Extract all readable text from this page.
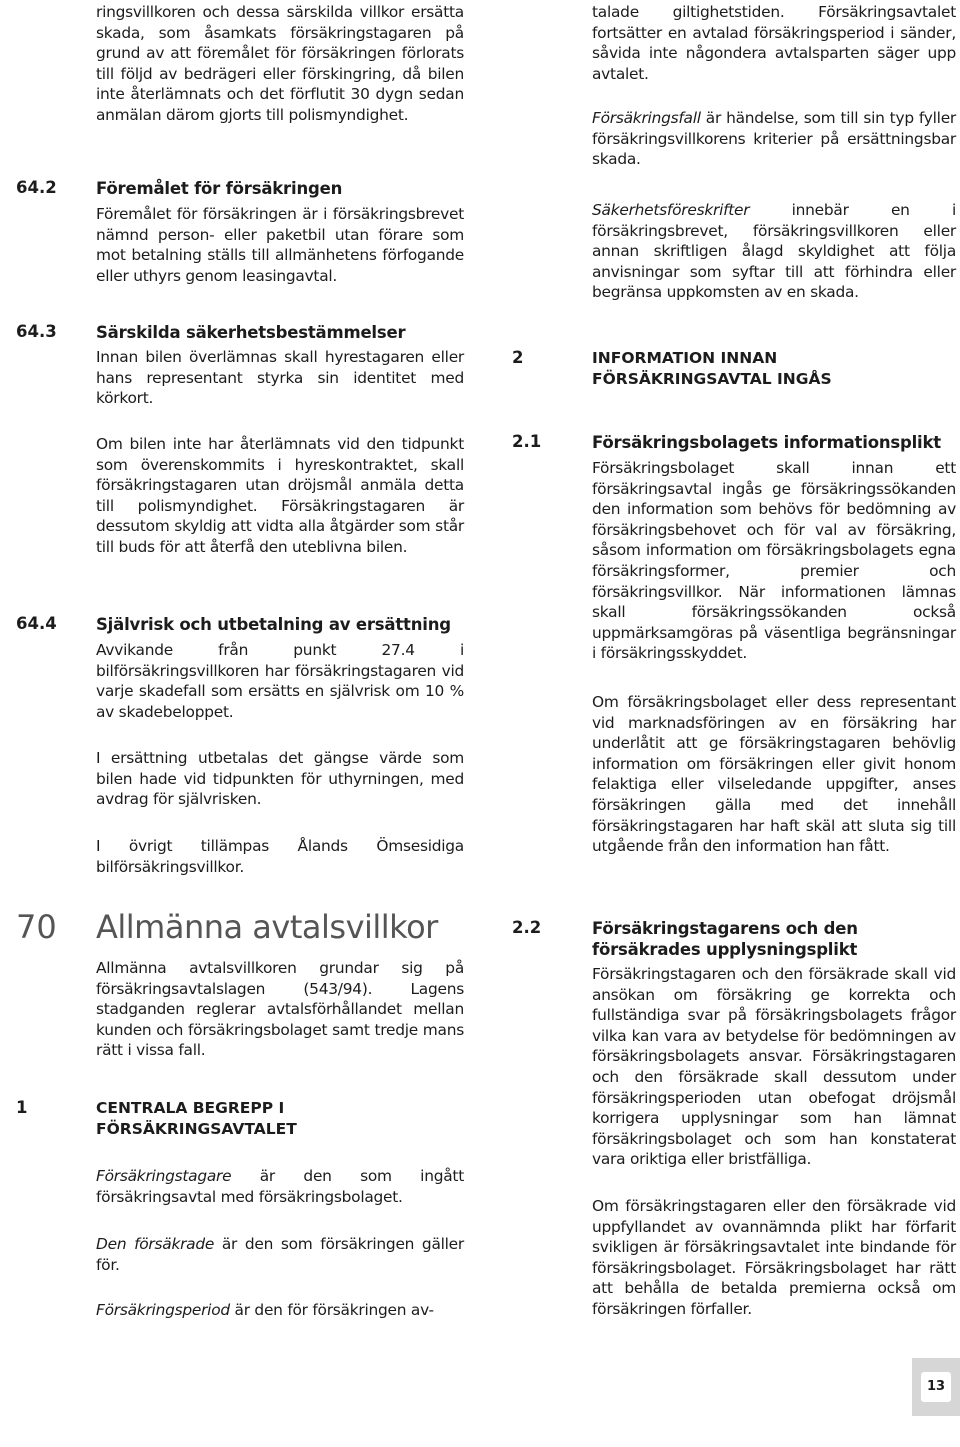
ringsvillkoren och dessa särskilda villkor ersätta skada, som åsamkats försäkringstagaren på grund av att föremålet för försäkringen förlorats till följd av bedrägeri eller förskingring, då bilen inte återlämnats och det förflutit 30 dygn sedan anmälan därom gjorts till polismyndighet.

64.2 Föremålet för försäkringen

Föremålet för försäkringen är i försäkringsbrevet nämnd person- eller paketbil utan förare som mot betalning ställs till allmänhetens förfogande eller uthyrs genom leasingavtal.

64.3 Särskilda säkerhetsbestämmelser

Innan bilen överlämnas skall hyrestagaren eller hans representant styrka sin identitet med körkort.

Om bilen inte har återlämnats vid den tidpunkt som överenskommits i hyreskontraktet, skall försäkringstagaren utan dröjsmål anmäla detta till polismyndighet. Försäkringstagaren är dessutom skyldig att vidta alla åtgärder som står till buds för att återfå den uteblivna bilen.

64.4 Självrisk och utbetalning av ersättning

Avvikande från punkt 27.4 i bilförsäkringsvillkoren har försäkringstagaren vid varje skadefall som ersätts en självrisk om 10 % av skadebeloppet.

I ersättning utbetalas det gängse värde som bilen hade vid tidpunkten för uthyrningen, med avdrag för självrisken.

I övrigt tillämpas Ålands Ömsesidiga bilförsäkringsvillkor.

70 Allmänna avtalsvillkor

Allmänna avtalsvillkoren grundar sig på försäkringsavtalslagen (543/94). Lagens stadganden reglerar avtalsförhållandet mellan kunden och försäkringsbolaget samt tredje mans rätt i vissa fall.

1	CENTRALA BEGREPP I
FÖRSÄKRINGSAVTALET

Försäkringstagare är den som ingått försäkringsavtal med försäkringsbolaget.

Den försäkrade är den som försäkringen gäller för.

Försäkringsperiod är den för försäkringen av-

talade giltighetstiden. Försäkringsavtalet fortsätter en avtalad försäkringsperiod i sänder, såvida inte någondera avtalsparten säger upp avtalet.

Försäkringsfall är händelse, som till sin typ fyller försäkringsvillkorens kriterier på ersättningsbar skada.

Säkerhetsföreskrifter innebär en i försäkringsbrevet, försäkringsvillkoren eller annan skriftligen ålagd skyldighet att följa anvisningar som syftar till att förhindra eller begränsa uppkomsten av en skada.

2	INFORMATION INNAN
FÖRSÄKRINGSAVTAL INGÅS
2.1	Försäkringsbolagets informationsplikt

Försäkringsbolaget skall innan ett försäkringsavtal ingås ge försäkringssökanden den information som behövs för bedömning av försäkringsbehovet och för val av försäkring, såsom information om försäkringsbolagets egna försäkringsformer, premier och försäkringsvillkor. När informationen lämnas skall försäkringssökanden också uppmärksamgöras på väsentliga begränsningar i försäkringsskyddet.

Om försäkringsbolaget eller dess representant vid marknadsföringen av en försäkring har underlåtit att ge försäkringstagaren behövlig information om försäkringen eller givit honom felaktiga eller vilseledande uppgifter, anses försäkringen gälla med det innehåll försäkringstagaren har haft skäl att sluta sig till utgående från den information han fått.

2.2	Försäkringstagarens och den försäkrades upplysningsplikt

Försäkringstagaren och den försäkrade skall vid ansökan om försäkring ge korrekta och fullständiga svar på försäkringsbolagets frågor vilka kan vara av betydelse för bedömningen av försäkringsbolagets ansvar. Försäkringstagaren och den försäkrade skall dessutom under försäkringsperioden utan obefogat dröjsmål korrigera upplysningar som han lämnat försäkringsbolaget och som han konstaterat vara oriktiga eller bristfälliga.

Om försäkringstagaren eller den försäkrade vid uppfyllandet av ovannämnda plikt har förfarit svikligen är försäkringsavtalet inte bindande för försäkringsbolaget. Försäkringsbolaget har rätt att behålla de betalda premierna också om försäkringen förfaller.

13
